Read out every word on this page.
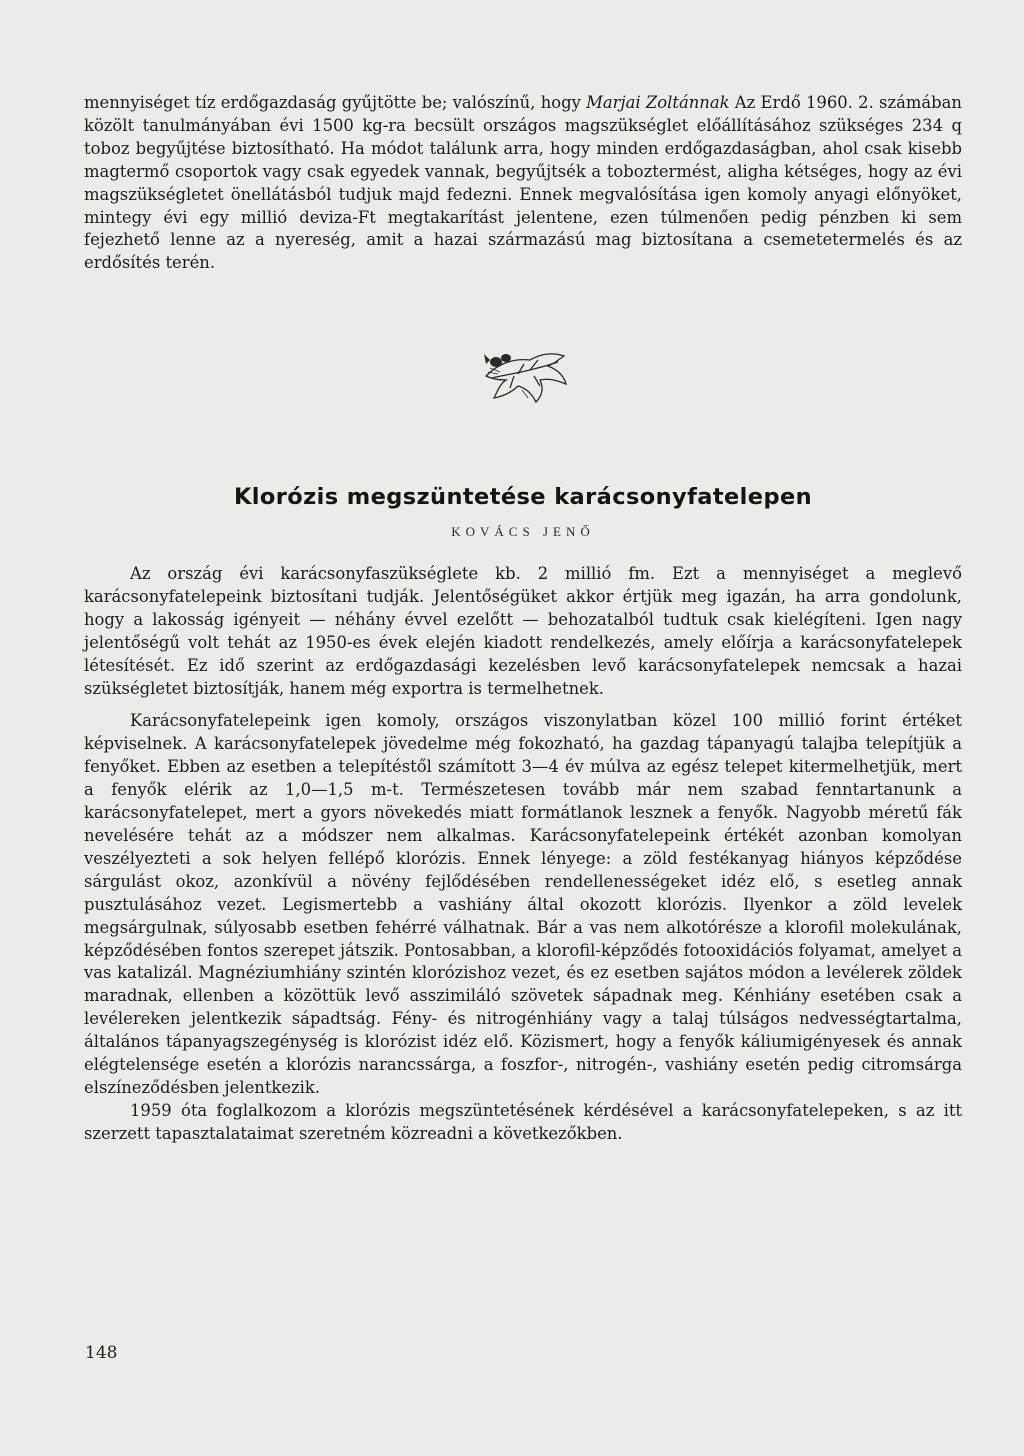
mennyiséget tíz erdőgazdaság gyűjtötte be; valószínű, hogy Marjai Zoltánnak Az Erdő 1960. 2. számában közölt tanulmányában évi 1500 kg-ra becsült országos magszükséglet előállításához szükséges 234 q toboz begyűjtése biztosítható. Ha módot találunk arra, hogy minden erdőgazdaságban, ahol csak kisebb magtermő csoportok vagy csak egyedek vannak, begyűjtsék a toboztermést, aligha kétséges, hogy az évi magszükségletet önellátásból tudjuk majd fedezni. Ennek megvalósítása igen komoly anyagi előnyöket, mintegy évi egy millió deviza-Ft megtakarítást jelentene, ezen túlmenően pedig pénzben ki sem fejezhető lenne az a nyereség, amit a hazai származású mag biztosítana a csemetetermelés és az erdősítés terén.

Klorózis megszüntetése karácsonyfatelepen
KOVÁCS JENŐ

Az ország évi karácsonyfaszükséglete kb. 2 millió fm. Ezt a mennyiséget a meglevő karácsonyfatelepeink biztosítani tudják. Jelentőségüket akkor értjük meg igazán, ha arra gondolunk, hogy a lakosság igényeit — néhány évvel ezelőtt — behozatalból tudtuk csak kielégíteni. Igen nagy jelentőségű volt tehát az 1950-es évek elején kiadott rendelkezés, amely előírja a karácsonyfatelepek létesítését. Ez idő szerint az erdőgazdasági kezelésben levő karácsonyfatelepek nemcsak a hazai szükségletet biztosítják, hanem még exportra is termelhetnek.

Karácsonyfatelepeink igen komoly, országos viszonylatban közel 100 millió forint értéket képviselnek. A karácsonyfatelepek jövedelme még fokozható, ha gazdag tápanyagú talajba telepítjük a fenyőket. Ebben az esetben a telepítéstől számított 3—4 év múlva az egész telepet kitermelhetjük, mert a fenyők elérik az 1,0—1,5 m-t. Természetesen tovább már nem szabad fenntartanunk a karácsonyfatelepet, mert a gyors növekedés miatt formátlanok lesznek a fenyők. Nagyobb méretű fák nevelésére tehát az a módszer nem alkalmas. Karácsonyfatelepeink értékét azonban komolyan veszélyezteti a sok helyen fellépő klorózis. Ennek lényege: a zöld festékanyag hiányos képződése sárgulást okoz, azonkívül a növény fejlődésében rendellenességeket idéz elő, s esetleg annak pusztulásához vezet. Legismertebb a vashiány által okozott klorózis. Ilyenkor a zöld levelek megsárgulnak, súlyosabb esetben fehérré válhatnak. Bár a vas nem alkotórésze a klorofil molekulának, képződésében fontos szerepet játszik. Pontosabban, a klorofil-képződés fotooxidációs folyamat, amelyet a vas katalizál. Magnéziumhiány szintén klorózishoz vezet, és ez esetben sajátos módon a levélerek zöldek maradnak, ellenben a közöttük levő asszimiláló szövetek sápadnak meg. Kénhiány esetében csak a levélereken jelentkezik sápadtság. Fény- és nitrogénhiány vagy a talaj túlságos nedvességtartalma, általános tápanyagszegénység is klorózist idéz elő. Közismert, hogy a fenyők káliumigényesek és annak elégtelensége esetén a klorózis narancssárga, a foszfor-, nitrogén-, vashiány esetén pedig citromsárga elszíneződésben jelentkezik.

1959 óta foglalkozom a klorózis megszüntetésének kérdésével a karácsonyfatelepeken, s az itt szerzett tapasztalataimat szeretném közreadni a következőkben.

148
